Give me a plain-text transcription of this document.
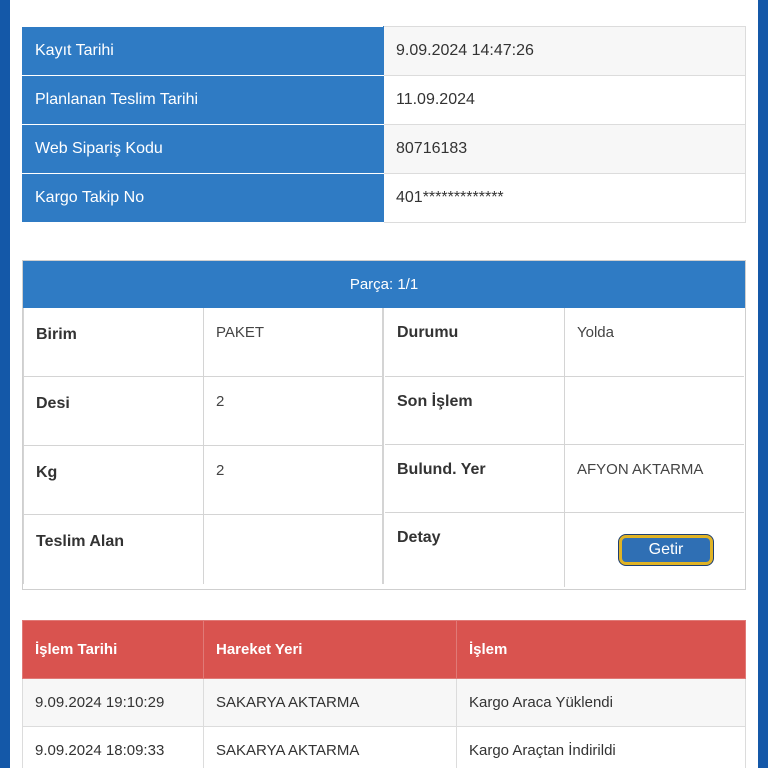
Kayıt Tarihi	9.09.2024 14:47:26
Planlanan Teslim Tarihi	11.09.2024
Web Sipariş Kodu	80716183
Kargo Takip No	401*************
Parça: 1/1
Birim	PAKET
Desi	2
Kg	2
Teslim Alan
Durumu	Yolda
Son İşlem
Bulund. Yer	AFYON AKTARMA
Detay
Getir
İşlem Tarihi	Hareket Yeri	İşlem
9.09.2024 19:10:29	SAKARYA AKTARMA	Kargo Araca Yüklendi
9.09.2024 18:09:33	SAKARYA AKTARMA	Kargo Araçtan İndirildi
